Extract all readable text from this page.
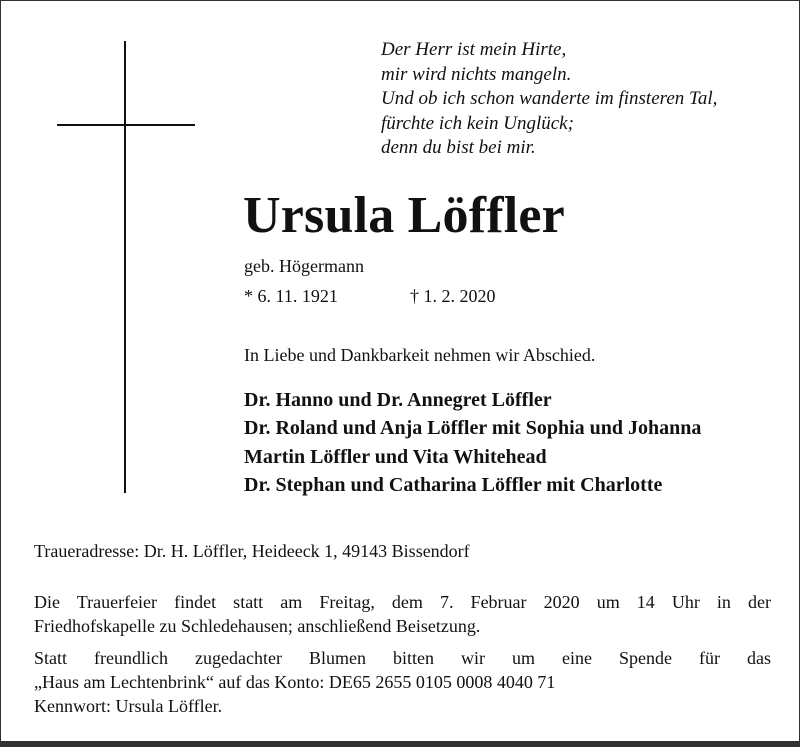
Der Herr ist mein Hirte,
mir wird nichts mangeln.
Und ob ich schon wanderte im finsteren Tal,
fürchte ich kein Unglück;
denn du bist bei mir.
Ursula Löffler
geb. Högermann
* 6. 11. 1921	† 1. 2. 2020
In Liebe und Dankbarkeit nehmen wir Abschied.
Dr. Hanno und Dr. Annegret Löffler
Dr. Roland und Anja Löffler mit Sophia und Johanna
Martin Löffler und Vita Whitehead
Dr. Stephan und Catharina Löffler mit Charlotte
Traueradresse: Dr. H. Löffler, Heideeck 1, 49143 Bissendorf
Die Trauerfeier findet statt am Freitag, dem 7. Februar 2020 um 14 Uhr in der
Friedhofskapelle zu Schledehausen; anschließend Beisetzung.
Statt freundlich zugedachter Blumen bitten wir um eine Spende für das
„Haus am Lechtenbrink“ auf das Konto: DE65 2655 0105 0008 4040 71
Kennwort: Ursula Löffler.
